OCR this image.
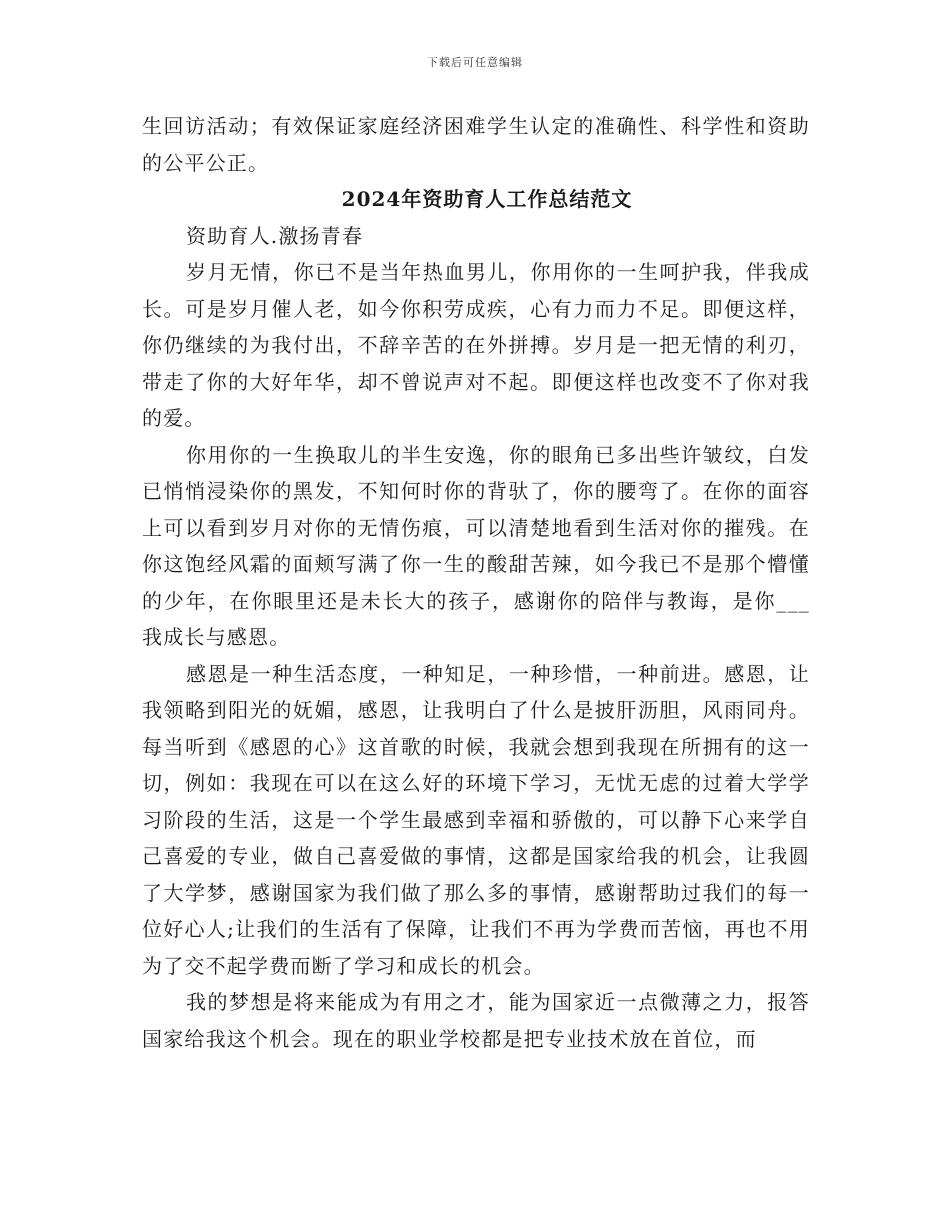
下载后可任意编辑

生回访活动；有效保证家庭经济困难学生认定的准确性、科学性和资助的公平公正。

2024年资助育人工作总结范文

资助育人.激扬青春

岁月无情，你已不是当年热血男儿，你用你的一生呵护我，伴我成长。可是岁月催人老，如今你积劳成疾，心有力而力不足。即便这样，你仍继续的为我付出，不辞辛苦的在外拼搏。岁月是一把无情的利刃，带走了你的大好年华，却不曾说声对不起。即便这样也改变不了你对我的爱。

你用你的一生换取儿的半生安逸，你的眼角已多出些许皱纹，白发已悄悄浸染你的黑发，不知何时你的背驮了，你的腰弯了。在你的面容上可以看到岁月对你的无情伤痕，可以清楚地看到生活对你的摧残。在你这饱经风霜的面颊写满了你一生的酸甜苦辣，如今我已不是那个懵懂的少年，在你眼里还是未长大的孩子，感谢你的陪伴与教诲，是你___我成长与感恩。

感恩是一种生活态度，一种知足，一种珍惜，一种前进。感恩，让我领略到阳光的妩媚，感恩，让我明白了什么是披肝沥胆，风雨同舟。每当听到《感恩的心》这首歌的时候，我就会想到我现在所拥有的这一切，例如：我现在可以在这么好的环境下学习，无忧无虑的过着大学学习阶段的生活，这是一个学生最感到幸福和骄傲的，可以静下心来学自己喜爱的专业，做自己喜爱做的事情，这都是国家给我的机会，让我圆了大学梦，感谢国家为我们做了那么多的事情，感谢帮助过我们的每一位好心人;让我们的生活有了保障，让我们不再为学费而苦恼，再也不用为了交不起学费而断了学习和成长的机会。

我的梦想是将来能成为有用之才，能为国家近一点微薄之力，报答国家给我这个机会。现在的职业学校都是把专业技术放在首位，而
